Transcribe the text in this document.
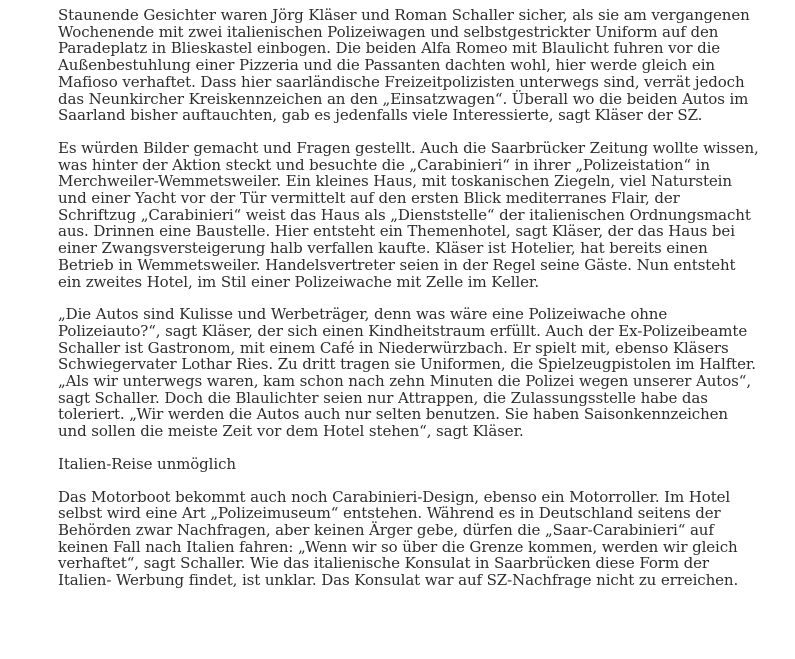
Staunende Gesichter waren Jörg Kläser und Roman Schaller sicher, als sie am vergangenen Wochenende mit zwei italienischen Polizeiwagen und selbstgestrickter Uniform auf den Paradeplatz in Blieskastel einbogen. Die beiden Alfa Romeo mit Blaulicht fuhren vor die Außenbestuhlung einer Pizzeria und die Passanten dachten wohl, hier werde gleich ein Mafioso verhaftet. Dass hier saarländische Freizeitpolizisten unterwegs sind, verrät jedoch das Neunkircher Kreiskennzeichen an den „Einsatzwagen“. Überall wo die beiden Autos im Saarland bisher auftauchten, gab es jedenfalls viele Interessierte, sagt Kläser der SZ.

Es würden Bilder gemacht und Fragen gestellt. Auch die Saarbrücker Zeitung wollte wissen, was hinter der Aktion steckt und besuchte die „Carabinieri“ in ihrer „Polizeistation“ in Merchweiler-Wemmetsweiler. Ein kleines Haus, mit toskanischen Ziegeln, viel Naturstein und einer Yacht vor der Tür vermittelt auf den ersten Blick mediterranes Flair, der Schriftzug „Carabinieri“ weist das Haus als „Dienststelle“ der italienischen Ordnungsmacht aus. Drinnen eine Baustelle. Hier entsteht ein Themenhotel, sagt Kläser, der das Haus bei einer Zwangsversteigerung halb verfallen kaufte. Kläser ist Hotelier, hat bereits einen Betrieb in Wemmetsweiler. Handelsvertreter seien in der Regel seine Gäste. Nun entsteht ein zweites Hotel, im Stil einer Polizeiwache mit Zelle im Keller.

„Die Autos sind Kulisse und Werbeträger, denn was wäre eine Polizeiwache ohne Polizeiauto?“, sagt Kläser, der sich einen Kindheitstraum erfüllt. Auch der Ex-Polizeibeamte Schaller ist Gastronom, mit einem Café in Niederwürzbach. Er spielt mit, ebenso Kläsers Schwiegervater Lothar Ries. Zu dritt tragen sie Uniformen, die Spielzeugpistolen im Halfter. „Als wir unterwegs waren, kam schon nach zehn Minuten die Polizei wegen unserer Autos“, sagt Schaller. Doch die Blaulichter seien nur Attrappen, die Zulassungsstelle habe das toleriert. „Wir werden die Autos auch nur selten benutzen. Sie haben Saisonkennzeichen und sollen die meiste Zeit vor dem Hotel stehen“, sagt Kläser.

Italien-Reise unmöglich

Das Motorboot bekommt auch noch Carabinieri-Design, ebenso ein Motorroller. Im Hotel selbst wird eine Art „Polizeimuseum“ entstehen. Während es in Deutschland seitens der Behörden zwar Nachfragen, aber keinen Ärger gebe, dürfen die „Saar-Carabinieri“ auf keinen Fall nach Italien fahren: „Wenn wir so über die Grenze kommen, werden wir gleich verhaftet“, sagt Schaller. Wie das italienische Konsulat in Saarbrücken diese Form der Italien- Werbung findet, ist unklar. Das Konsulat war auf SZ-Nachfrage nicht zu erreichen.
